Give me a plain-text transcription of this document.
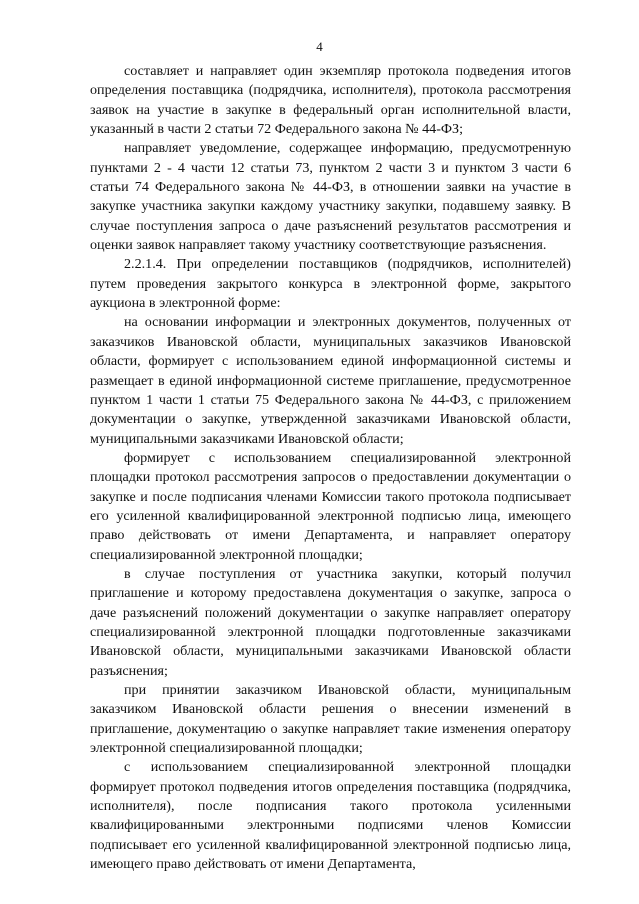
4

составляет и направляет один экземпляр протокола подведения итогов определения поставщика (подрядчика, исполнителя), протокола рассмотрения заявок на участие в закупке в федеральный орган исполнительной власти, указанный в части 2 статьи 72 Федерального закона № 44-ФЗ;

направляет уведомление, содержащее информацию, предусмотренную пунктами 2 - 4 части 12 статьи 73, пунктом 2 части 3 и пунктом 3 части 6 статьи 74 Федерального закона № 44-ФЗ, в отношении заявки на участие в закупке участника закупки каждому участнику закупки, подавшему заявку. В случае поступления запроса о даче разъяснений результатов рассмотрения и оценки заявок направляет такому участнику соответствующие разъяснения.

2.2.1.4. При определении поставщиков (подрядчиков, исполнителей) путем проведения закрытого конкурса в электронной форме, закрытого аукциона в электронной форме:

на основании информации и электронных документов, полученных от заказчиков Ивановской области, муниципальных заказчиков Ивановской области, формирует с использованием единой информационной системы и размещает в единой информационной системе приглашение, предусмотренное пунктом 1 части 1 статьи 75 Федерального закона № 44-ФЗ, с приложением документации о закупке, утвержденной заказчиками Ивановской области, муниципальными заказчиками Ивановской области;

формирует с использованием специализированной электронной площадки протокол рассмотрения запросов о предоставлении документации о закупке и после подписания членами Комиссии такого протокола подписывает его усиленной квалифицированной электронной подписью лица, имеющего право действовать от имени Департамента, и направляет оператору специализированной электронной площадки;

в случае поступления от участника закупки, который получил приглашение и которому предоставлена документация о закупке, запроса о даче разъяснений положений документации о закупке направляет оператору специализированной электронной площадки подготовленные заказчиками Ивановской области, муниципальными заказчиками Ивановской области разъяснения;

при принятии заказчиком Ивановской области, муниципальным заказчиком Ивановской области решения о внесении изменений в приглашение, документацию о закупке направляет такие изменения оператору электронной специализированной площадки;

с использованием специализированной электронной площадки формирует протокол подведения итогов определения поставщика (подрядчика, исполнителя), после подписания такого протокола усиленными квалифицированными электронными подписями членов Комиссии подписывает его усиленной квалифицированной электронной подписью лица, имеющего право действовать от имени Департамента,
